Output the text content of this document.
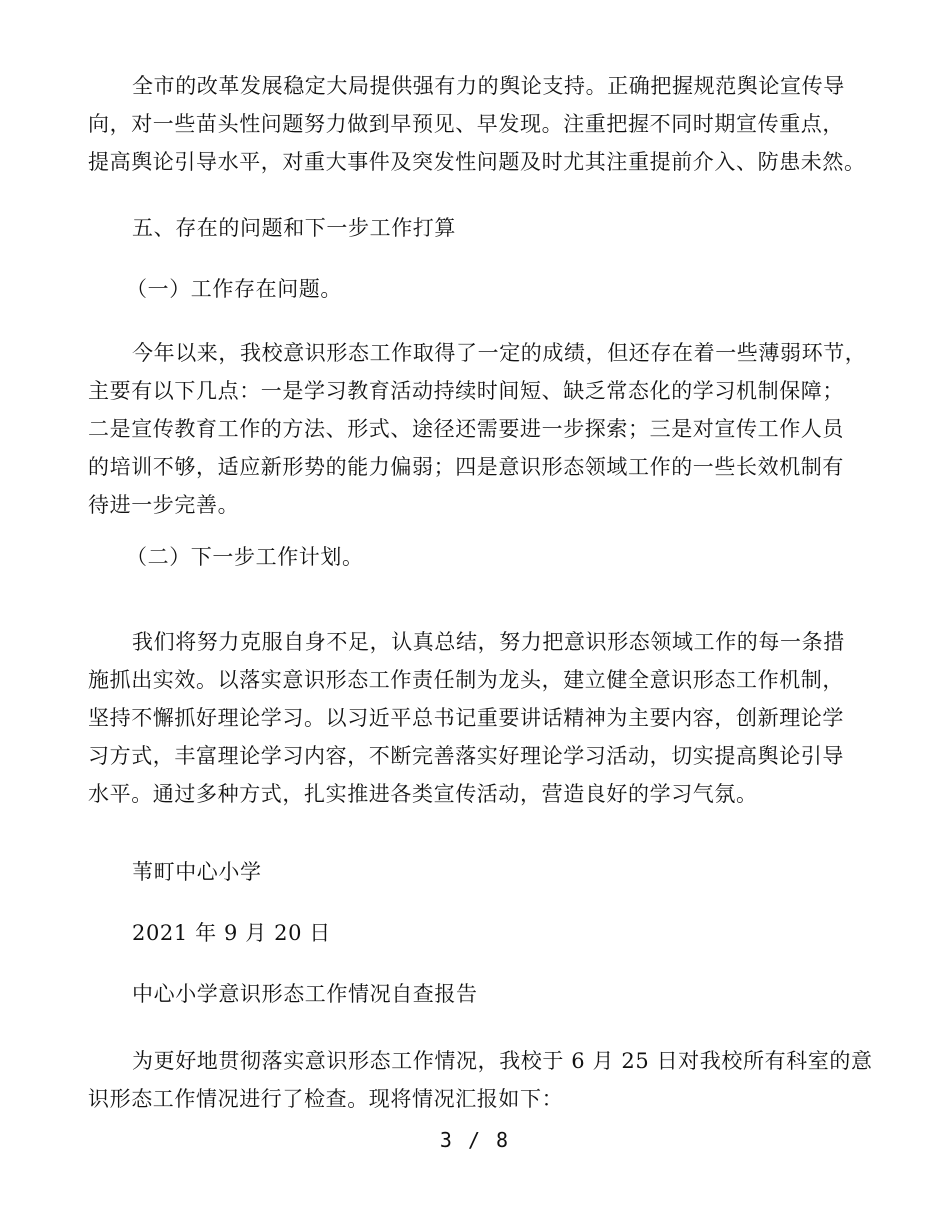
全市的改革发展稳定大局提供强有力的舆论支持。正确把握规范舆论宣传导
向，对一些苗头性问题努力做到早预见、早发现。注重把握不同时期宣传重点，
提高舆论引导水平，对重大事件及突发性问题及时尤其注重提前介入、防患未然。
五、存在的问题和下一步工作打算
（一）工作存在问题。
今年以来，我校意识形态工作取得了一定的成绩，但还存在着一些薄弱环节，
主要有以下几点：一是学习教育活动持续时间短、缺乏常态化的学习机制保障；
二是宣传教育工作的方法、形式、途径还需要进一步探索；三是对宣传工作人员
的培训不够，适应新形势的能力偏弱；四是意识形态领域工作的一些长效机制有
待进一步完善。
（二）下一步工作计划。
我们将努力克服自身不足，认真总结，努力把意识形态领域工作的每一条措
施抓出实效。以落实意识形态工作责任制为龙头，建立健全意识形态工作机制，
坚持不懈抓好理论学习。以习近平总书记重要讲话精神为主要内容，创新理论学
习方式，丰富理论学习内容，不断完善落实好理论学习活动，切实提高舆论引导
水平。通过多种方式，扎实推进各类宣传活动，营造良好的学习气氛。
苇町中心小学
2021 年 9 月 20 日
中心小学意识形态工作情况自查报告
为更好地贯彻落实意识形态工作情况，我校于 6 月 25 日对我校所有科室的意
识形态工作情况进行了检查。现将情况汇报如下：
3 / 8
